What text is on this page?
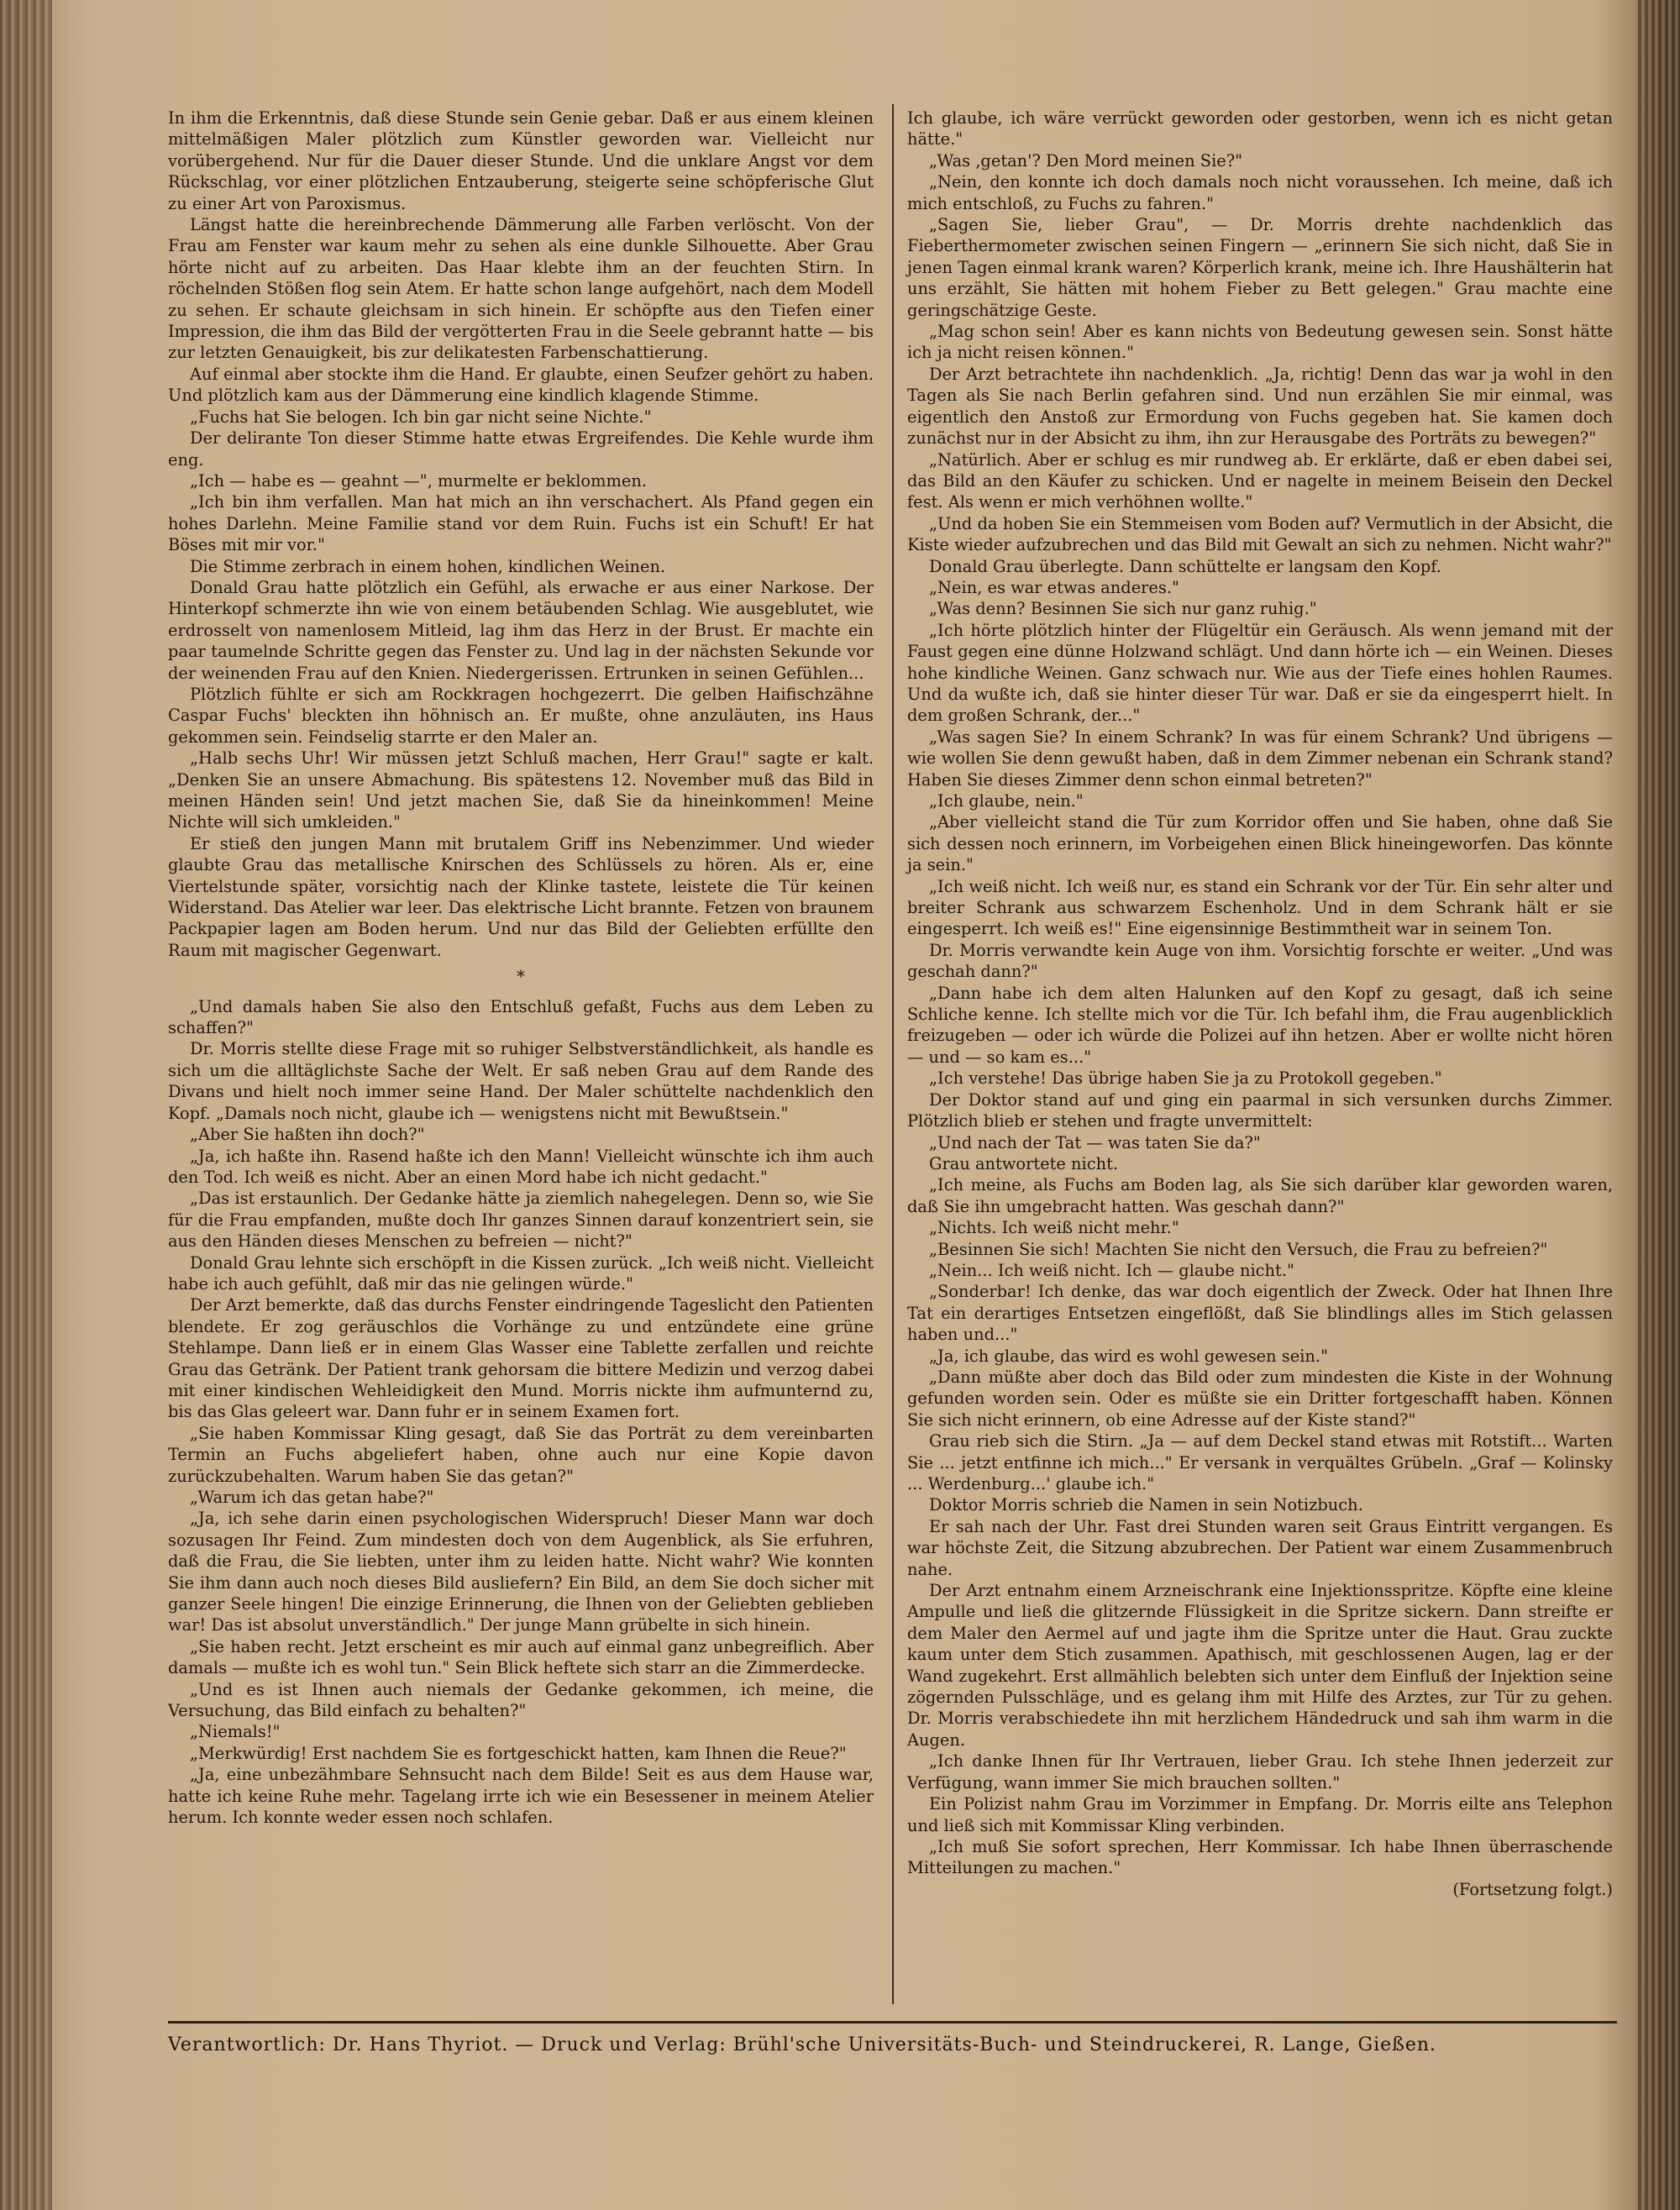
In ihm die Erkenntnis, daß diese Stunde sein Genie gebar. Daß er aus einem kleinen mittelmäßigen Maler plötzlich zum Künstler geworden war. Vielleicht nur vorübergehend. Nur für die Dauer dieser Stunde. Und die unklare Angst vor dem Rückschlag, vor einer plötzlichen Entzauberung, steigerte seine schöpferische Glut zu einer Art von Paroxismus.

Längst hatte die hereinbrechende Dämmerung alle Farben verlöscht. Von der Frau am Fenster war kaum mehr zu sehen als eine dunkle Silhouette. Aber Grau hörte nicht auf zu arbeiten. Das Haar klebte ihm an der feuchten Stirn. In röchelnden Stößen flog sein Atem. Er hatte schon lange aufgehört, nach dem Modell zu sehen. Er schaute gleichsam in sich hinein. Er schöpfte aus den Tiefen einer Impression, die ihm das Bild der vergötterten Frau in die Seele gebrannt hatte — bis zur letzten Genauigkeit, bis zur delikatesten Farbenschattierung.

Auf einmal aber stockte ihm die Hand. Er glaubte, einen Seufzer gehört zu haben. Und plötzlich kam aus der Dämmerung eine kindlich klagende Stimme.

„Fuchs hat Sie belogen. Ich bin gar nicht seine Nichte."

Der delirante Ton dieser Stimme hatte etwas Ergreifendes. Die Kehle wurde ihm eng.

„Ich — habe es — geahnt —", murmelte er beklommen.

„Ich bin ihm verfallen. Man hat mich an ihn verschachert. Als Pfand gegen ein hohes Darlehn. Meine Familie stand vor dem Ruin. Fuchs ist ein Schuft! Er hat Böses mit mir vor."

Die Stimme zerbrach in einem hohen, kindlichen Weinen.

Donald Grau hatte plötzlich ein Gefühl, als erwache er aus einer Narkose. Der Hinterkopf schmerzte ihn wie von einem betäubenden Schlag. Wie ausgeblutet, wie erdrosselt von namenlosem Mitleid, lag ihm das Herz in der Brust. Er machte ein paar taumelnde Schritte gegen das Fenster zu. Und lag in der nächsten Sekunde vor der weinenden Frau auf den Knien. Niedergerissen. Ertrunken in seinen Gefühlen...

Plötzlich fühlte er sich am Rockkragen hochgezerrt. Die gelben Haifischzähne Caspar Fuchs' bleckten ihn höhnisch an. Er mußte, ohne anzuläuten, ins Haus gekommen sein. Feindselig starrte er den Maler an.

„Halb sechs Uhr! Wir müssen jetzt Schluß machen, Herr Grau!" sagte er kalt. „Denken Sie an unsere Abmachung. Bis spätestens 12. November muß das Bild in meinen Händen sein! Und jetzt machen Sie, daß Sie da hineinkommen! Meine Nichte will sich umkleiden."

Er stieß den jungen Mann mit brutalem Griff ins Nebenzimmer. Und wieder glaubte Grau das metallische Knirschen des Schlüssels zu hören. Als er, eine Viertelstunde später, vorsichtig nach der Klinke tastete, leistete die Tür keinen Widerstand. Das Atelier war leer. Das elektrische Licht brannte. Fetzen von braunem Packpapier lagen am Boden herum. Und nur das Bild der Geliebten erfüllte den Raum mit magischer Gegenwart.

*

„Und damals haben Sie also den Entschluß gefaßt, Fuchs aus dem Leben zu schaffen?"

Dr. Morris stellte diese Frage mit so ruhiger Selbstverständlichkeit, als handle es sich um die alltäglichste Sache der Welt. Er saß neben Grau auf dem Rande des Divans und hielt noch immer seine Hand. Der Maler schüttelte nachdenklich den Kopf. „Damals noch nicht, glaube ich — wenigstens nicht mit Bewußtsein."

„Aber Sie haßten ihn doch?"

„Ja, ich haßte ihn. Rasend haßte ich den Mann! Vielleicht wünschte ich ihm auch den Tod. Ich weiß es nicht. Aber an einen Mord habe ich nicht gedacht."

„Das ist erstaunlich. Der Gedanke hätte ja ziemlich nahegelegen. Denn so, wie Sie für die Frau empfanden, mußte doch Ihr ganzes Sinnen darauf konzentriert sein, sie aus den Händen dieses Menschen zu befreien — nicht?"

Donald Grau lehnte sich erschöpft in die Kissen zurück. „Ich weiß nicht. Vielleicht habe ich auch gefühlt, daß mir das nie gelingen würde."

Der Arzt bemerkte, daß das durchs Fenster eindringende Tageslicht den Patienten blendete. Er zog geräuschlos die Vorhänge zu und entzündete eine grüne Stehlampe. Dann ließ er in einem Glas Wasser eine Tablette zerfallen und reichte Grau das Getränk. Der Patient trank gehorsam die bittere Medizin und verzog dabei mit einer kindischen Wehleidigkeit den Mund. Morris nickte ihm aufmunternd zu, bis das Glas geleert war. Dann fuhr er in seinem Examen fort.

„Sie haben Kommissar Kling gesagt, daß Sie das Porträt zu dem vereinbarten Termin an Fuchs abgeliefert haben, ohne auch nur eine Kopie davon zurückzubehalten. Warum haben Sie das getan?"

„Warum ich das getan habe?"

„Ja, ich sehe darin einen psychologischen Widerspruch! Dieser Mann war doch sozusagen Ihr Feind. Zum mindesten doch von dem Augenblick, als Sie erfuhren, daß die Frau, die Sie liebten, unter ihm zu leiden hatte. Nicht wahr? Wie konnten Sie ihm dann auch noch dieses Bild ausliefern? Ein Bild, an dem Sie doch sicher mit ganzer Seele hingen! Die einzige Erinnerung, die Ihnen von der Geliebten geblieben war! Das ist absolut unverständlich." Der junge Mann grübelte in sich hinein.

„Sie haben recht. Jetzt erscheint es mir auch auf einmal ganz unbegreiflich. Aber damals — mußte ich es wohl tun." Sein Blick heftete sich starr an die Zimmerdecke.

„Und es ist Ihnen auch niemals der Gedanke gekommen, ich meine, die Versuchung, das Bild einfach zu behalten?"

„Niemals!"

„Merkwürdig! Erst nachdem Sie es fortgeschickt hatten, kam Ihnen die Reue?"

„Ja, eine unbezähmbare Sehnsucht nach dem Bilde! Seit es aus dem Hause war, hatte ich keine Ruhe mehr. Tagelang irrte ich wie ein Besessener in meinem Atelier herum. Ich konnte weder essen noch schlafen.

Ich glaube, ich wäre verrückt geworden oder gestorben, wenn ich es nicht getan hätte."

„Was ‚getan'? Den Mord meinen Sie?"

„Nein, den konnte ich doch damals noch nicht voraussehen. Ich meine, daß ich mich entschloß, zu Fuchs zu fahren."

„Sagen Sie, lieber Grau", — Dr. Morris drehte nachdenklich das Fieberthermometer zwischen seinen Fingern — „erinnern Sie sich nicht, daß Sie in jenen Tagen einmal krank waren? Körperlich krank, meine ich. Ihre Haushälterin hat uns erzählt, Sie hätten mit hohem Fieber zu Bett gelegen." Grau machte eine geringschätzige Geste.

„Mag schon sein! Aber es kann nichts von Bedeutung gewesen sein. Sonst hätte ich ja nicht reisen können."

Der Arzt betrachtete ihn nachdenklich. „Ja, richtig! Denn das war ja wohl in den Tagen als Sie nach Berlin gefahren sind. Und nun erzählen Sie mir einmal, was eigentlich den Anstoß zur Ermordung von Fuchs gegeben hat. Sie kamen doch zunächst nur in der Absicht zu ihm, ihn zur Herausgabe des Porträts zu bewegen?"

„Natürlich. Aber er schlug es mir rundweg ab. Er erklärte, daß er eben dabei sei, das Bild an den Käufer zu schicken. Und er nagelte in meinem Beisein den Deckel fest. Als wenn er mich verhöhnen wollte."

„Und da hoben Sie ein Stemmeisen vom Boden auf? Vermutlich in der Absicht, die Kiste wieder aufzubrechen und das Bild mit Gewalt an sich zu nehmen. Nicht wahr?"

Donald Grau überlegte. Dann schüttelte er langsam den Kopf.

„Nein, es war etwas anderes."

„Was denn? Besinnen Sie sich nur ganz ruhig."

„Ich hörte plötzlich hinter der Flügeltür ein Geräusch. Als wenn jemand mit der Faust gegen eine dünne Holzwand schlägt. Und dann hörte ich — ein Weinen. Dieses hohe kindliche Weinen. Ganz schwach nur. Wie aus der Tiefe eines hohlen Raumes. Und da wußte ich, daß sie hinter dieser Tür war. Daß er sie da eingesperrt hielt. In dem großen Schrank, der..."

„Was sagen Sie? In einem Schrank? In was für einem Schrank? Und übrigens — wie wollen Sie denn gewußt haben, daß in dem Zimmer nebenan ein Schrank stand? Haben Sie dieses Zimmer denn schon einmal betreten?"

„Ich glaube, nein."

„Aber vielleicht stand die Tür zum Korridor offen und Sie haben, ohne daß Sie sich dessen noch erinnern, im Vorbeigehen einen Blick hineingeworfen. Das könnte ja sein."

„Ich weiß nicht. Ich weiß nur, es stand ein Schrank vor der Tür. Ein sehr alter und breiter Schrank aus schwarzem Eschenholz. Und in dem Schrank hält er sie eingesperrt. Ich weiß es!" Eine eigensinnige Bestimmtheit war in seinem Ton.

Dr. Morris verwandte kein Auge von ihm. Vorsichtig forschte er weiter. „Und was geschah dann?"

„Dann habe ich dem alten Halunken auf den Kopf zu gesagt, daß ich seine Schliche kenne. Ich stellte mich vor die Tür. Ich befahl ihm, die Frau augenblicklich freizugeben — oder ich würde die Polizei auf ihn hetzen. Aber er wollte nicht hören — und — so kam es..."

„Ich verstehe! Das übrige haben Sie ja zu Protokoll gegeben."

Der Doktor stand auf und ging ein paarmal in sich versunken durchs Zimmer. Plötzlich blieb er stehen und fragte unvermittelt:

„Und nach der Tat — was taten Sie da?"

Grau antwortete nicht.

„Ich meine, als Fuchs am Boden lag, als Sie sich darüber klar geworden waren, daß Sie ihn umgebracht hatten. Was geschah dann?"

„Nichts. Ich weiß nicht mehr."

„Besinnen Sie sich! Machten Sie nicht den Versuch, die Frau zu befreien?"

„Nein... Ich weiß nicht. Ich — glaube nicht."

„Sonderbar! Ich denke, das war doch eigentlich der Zweck. Oder hat Ihnen Ihre Tat ein derartiges Entsetzen eingeflößt, daß Sie blindlings alles im Stich gelassen haben und..."

„Ja, ich glaube, das wird es wohl gewesen sein."

„Dann müßte aber doch das Bild oder zum mindesten die Kiste in der Wohnung gefunden worden sein. Oder es müßte sie ein Dritter fortgeschafft haben. Können Sie sich nicht erinnern, ob eine Adresse auf der Kiste stand?"

Grau rieb sich die Stirn. „Ja — auf dem Deckel stand etwas mit Rotstift... Warten Sie ... jetzt entfinne ich mich..." Er versank in verquältes Grübeln. „Graf — Kolinsky ... Werdenburg...' glaube ich."

Doktor Morris schrieb die Namen in sein Notizbuch.

Er sah nach der Uhr. Fast drei Stunden waren seit Graus Eintritt vergangen. Es war höchste Zeit, die Sitzung abzubrechen. Der Patient war einem Zusammenbruch nahe.

Der Arzt entnahm einem Arzneischrank eine Injektionsspritze. Köpfte eine kleine Ampulle und ließ die glitzernde Flüssigkeit in die Spritze sickern. Dann streifte er dem Maler den Aermel auf und jagte ihm die Spritze unter die Haut. Grau zuckte kaum unter dem Stich zusammen. Apathisch, mit geschlossenen Augen, lag er der Wand zugekehrt. Erst allmählich belebten sich unter dem Einfluß der Injektion seine zögernden Pulsschläge, und es gelang ihm mit Hilfe des Arztes, zur Tür zu gehen. Dr. Morris verabschiedete ihn mit herzlichem Händedruck und sah ihm warm in die Augen.

„Ich danke Ihnen für Ihr Vertrauen, lieber Grau. Ich stehe Ihnen jederzeit zur Verfügung, wann immer Sie mich brauchen sollten."

Ein Polizist nahm Grau im Vorzimmer in Empfang. Dr. Morris eilte ans Telephon und ließ sich mit Kommissar Kling verbinden.

„Ich muß Sie sofort sprechen, Herr Kommissar. Ich habe Ihnen überraschende Mitteilungen zu machen."

(Fortsetzung folgt.)

Verantwortlich: Dr. Hans Thyriot. — Druck und Verlag: Brühl'sche Universitäts-Buch- und Steindruckerei, R. Lange, Gießen.
